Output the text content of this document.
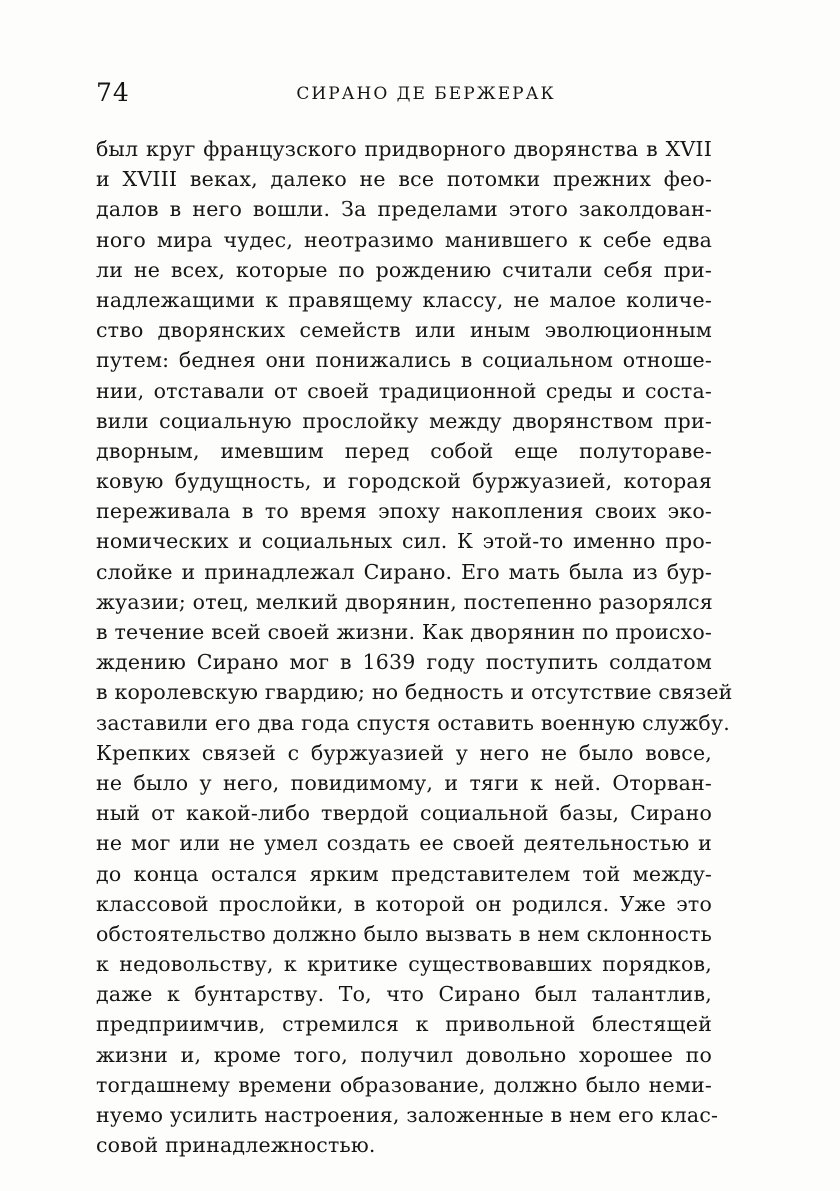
74	СИРАНО ДЕ БЕРЖЕРАК
был круг французского придворного дворянства в XVII
и XVIII веках, далеко не все потомки прежних фео-
далов в него вошли. За пределами этого заколдован-
ного мира чудес, неотразимо манившего к себе едва
ли не всех, которые по рождению считали себя при-
надлежащими к правящему классу, не малое количе-
ство дворянских семейств или иным эволюционным
путем: беднея они понижались в социальном отноше-
нии, отставали от своей традиционной среды и соста-
вили социальную прослойку между дворянством при-
дворным, имевшим перед собой еще полутораве-
ковую будущность, и городской буржуазией, которая
переживала в то время эпоху накопления своих эко-
номических и социальных сил. К этой-то именно про-
слойке и принадлежал Сирано. Его мать была из бур-
жуазии; отец, мелкий дворянин, постепенно разорялся
в течение всей своей жизни. Как дворянин по происхо-
ждению Сирано мог в 1639 году поступить солдатом
в королевскую гвардию; но бедность и отсутствие связей
заставили его два года спустя оставить военную службу.
Крепких связей с буржуазией у него не было вовсе,
не было у него, повидимому, и тяги к ней. Оторван-
ный от какой-либо твердой социальной базы, Сирано
не мог или не умел создать ее своей деятельностью и
до конца остался ярким представителем той междy-
классовой прослойки, в которой он родился. Уже это
обстоятельство должно было вызвать в нем склонность
к недовольству, к критике существовавших порядков,
даже к бунтарству. То, что Сирано был талантлив,
предприимчив, стремился к привольной блестящей
жизни и, кроме того, получил довольно хорошее по
тогдашнему времени образование, должно было неми-
нуемо усилить настроения, заложенные в нем его клас-
совой принадлежностью.
